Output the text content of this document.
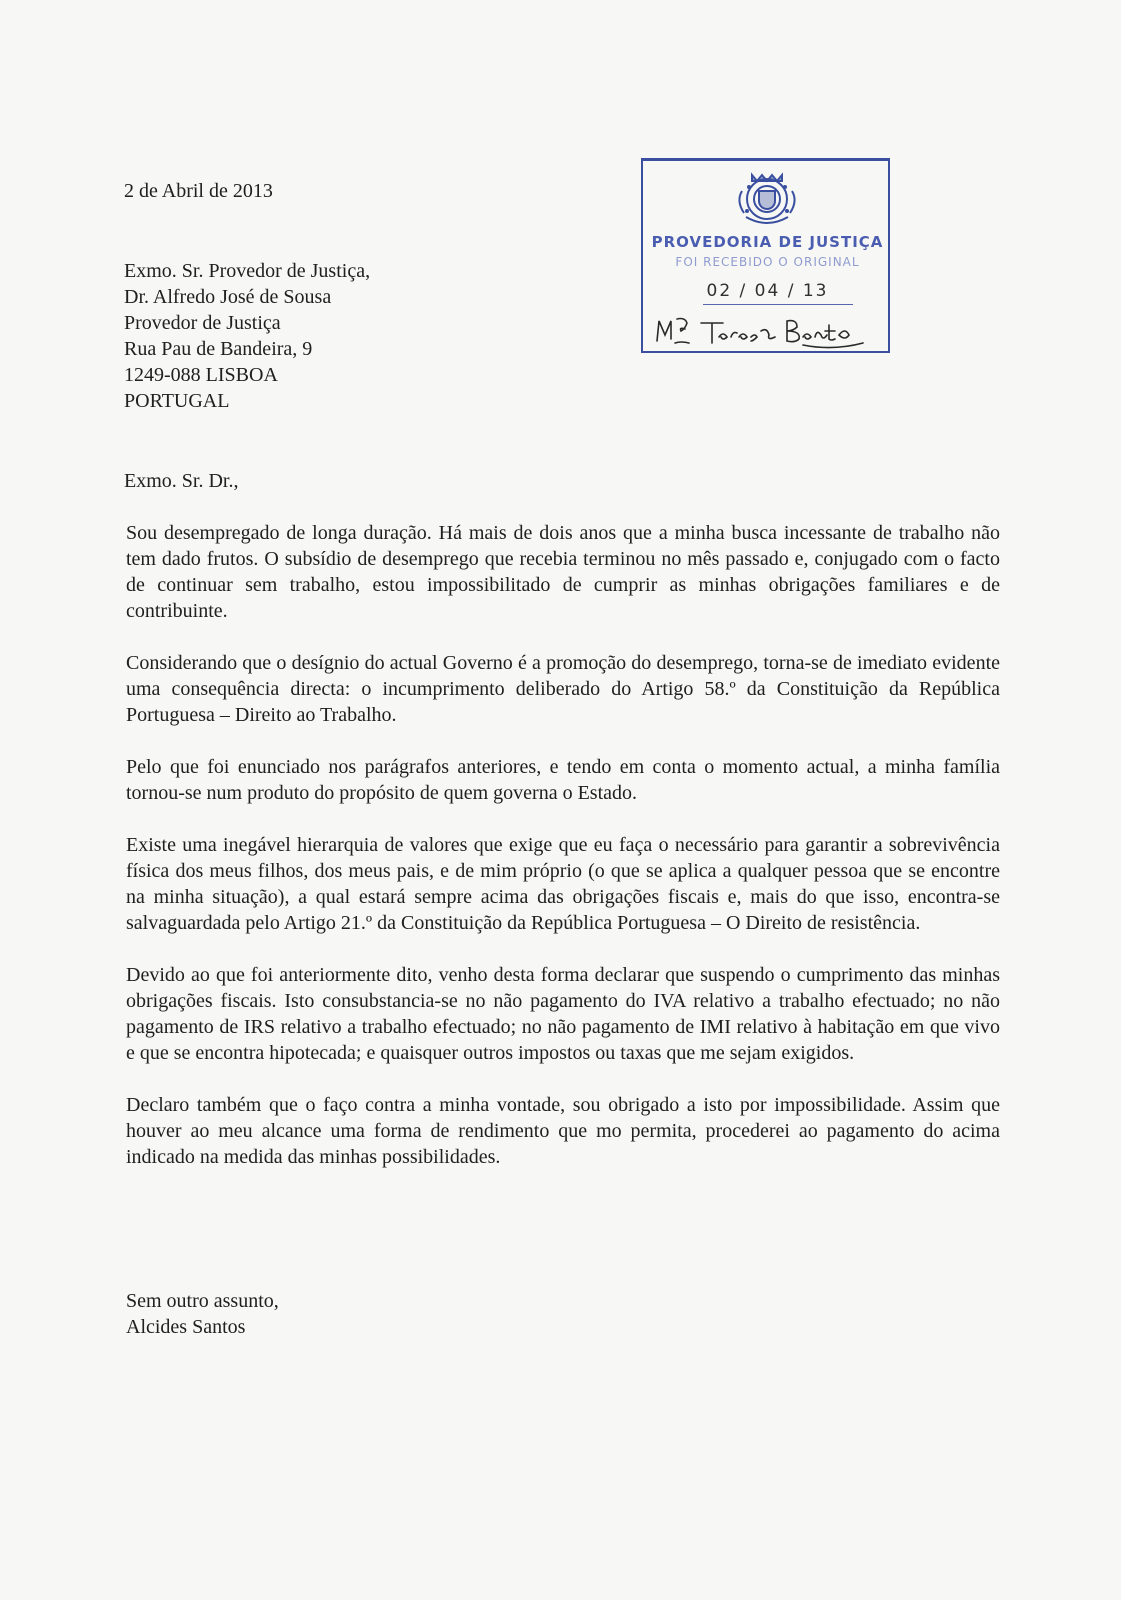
2 de Abril de 2013
Exmo. Sr. Provedor de Justiça,
Dr. Alfredo José de Sousa
Provedor de Justiça
Rua Pau de Bandeira, 9
1249-088 LISBOA
PORTUGAL
PROVEDORIA DE JUSTIÇA
FOI RECEBIDO O ORIGINAL
02 / 04 / 13
Exmo. Sr. Dr.,

Sou desempregado de longa duração. Há mais de dois anos que a minha busca incessante de trabalho não tem dado frutos. O subsídio de desemprego que recebia terminou no mês passado e, conjugado com o facto de continuar sem trabalho, estou impossibilitado de cumprir as minhas obrigações familiares e de contribuinte.

Considerando que o desígnio do actual Governo é a promoção do desemprego, torna-se de imediato evidente uma consequência directa: o incumprimento deliberado do Artigo 58.º da Constituição da República Portuguesa – Direito ao Trabalho.

Pelo que foi enunciado nos parágrafos anteriores, e tendo em conta o momento actual, a minha família tornou-se num produto do propósito de quem governa o Estado.

Existe uma inegável hierarquia de valores que exige que eu faça o necessário para garantir a sobrevivência física dos meus filhos, dos meus pais, e de mim próprio (o que se aplica a qualquer pessoa que se encontre na minha situação), a qual estará sempre acima das obrigações fiscais e, mais do que isso, encontra-se salvaguardada pelo Artigo 21.º da Constituição da República Portuguesa – O Direito de resistência.

Devido ao que foi anteriormente dito, venho desta forma declarar que suspendo o cumprimento das minhas obrigações fiscais. Isto consubstancia-se no não pagamento do IVA relativo a trabalho efectuado; no não pagamento de IRS relativo a trabalho efectuado; no não pagamento de IMI relativo à habitação em que vivo e que se encontra hipotecada; e quaisquer outros impostos ou taxas que me sejam exigidos.

Declaro também que o faço contra a minha vontade, sou obrigado a isto por impossibilidade. Assim que houver ao meu alcance uma forma de rendimento que mo permita, procederei ao pagamento do acima indicado na medida das minhas possibilidades.

Sem outro assunto,
Alcides Santos
